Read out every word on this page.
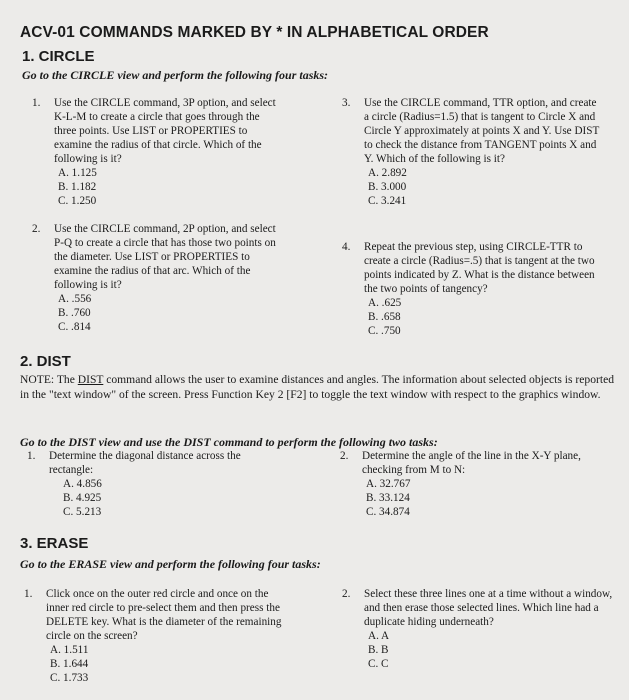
ACV-01 COMMANDS MARKED BY * IN ALPHABETICAL ORDER
1. CIRCLE
Go to the CIRCLE view and perform the following four tasks:
1. Use the CIRCLE command, 3P option, and select K-L-M to create a circle that goes through the three points. Use LIST or PROPERTIES to examine the radius of that circle. Which of the following is it?
A. 1.125
B. 1.182
C. 1.250
2. Use the CIRCLE command, 2P option, and select P-Q to create a circle that has those two points on the diameter. Use LIST or PROPERTIES to examine the radius of that arc. Which of the following is it?
A. .556
B. .760
C. .814
3. Use the CIRCLE command, TTR option, and create a circle (Radius=1.5) that is tangent to Circle X and Circle Y approximately at points X and Y. Use DIST to check the distance from TANGENT points X and Y. Which of the following is it?
A. 2.892
B. 3.000
C. 3.241
4. Repeat the previous step, using CIRCLE-TTR to create a circle (Radius=.5) that is tangent at the two points indicated by Z. What is the distance between the two points of tangency?
A. .625
B. .658
C. .750
2. DIST
NOTE: The DIST command allows the user to examine distances and angles. The information about selected objects is reported in the "text window" of the screen. Press Function Key 2 [F2] to toggle the text window with respect to the graphics window.
Go to the DIST view and use the DIST command to perform the following two tasks:
1. Determine the diagonal distance across the rectangle:
A. 4.856
B. 4.925
C. 5.213
2. Determine the angle of the line in the X-Y plane, checking from M to N:
A. 32.767
B. 33.124
C. 34.874
3. ERASE
Go to the ERASE view and perform the following four tasks:
1. Click once on the outer red circle and once on the inner red circle to pre-select them and then press the DELETE key. What is the diameter of the remaining circle on the screen?
A. 1.511
B. 1.644
C. 1.733
2. Select these three lines one at a time without a window, and then erase those selected lines. Which line had a duplicate hiding underneath?
A. A
B. B
C. C
